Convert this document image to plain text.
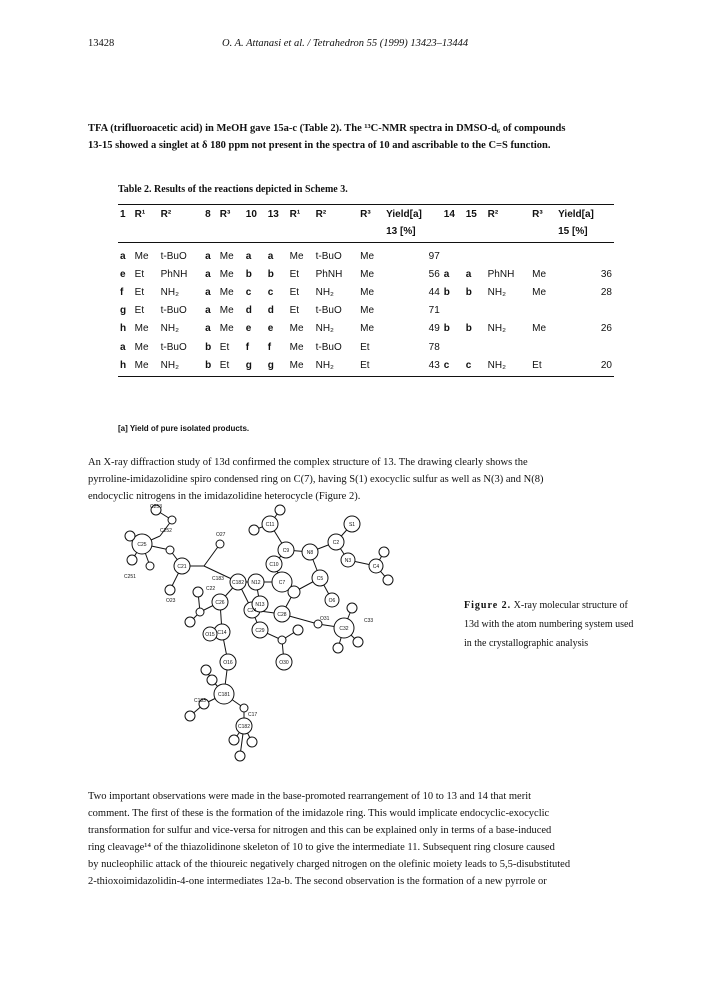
13428	O. A. Attanasi et al. / Tetrahedron 55 (1999) 13423–13444
TFA (trifluoroacetic acid) in MeOH gave 15a-c (Table 2). The ¹³C-NMR spectra in DMSO-d₆ of compounds
13-15 showed a singlet at δ 180 ppm not present in the spectra of 10 and ascribable to the C=S function.
Table 2. Results of the reactions depicted in Scheme 3.
1	R¹	R²	8	R³	10	13	R¹	R²	R³	Yield[a]	14	15	R²	R³	Yield[a]
										13 [%]					15 [%]
a	Me	t-BuO	a	Me	a	a	Me	t-BuO	Me	97					
e	Et	PhNH	a	Me	b	b	Et	PhNH	Me	56	a	a	PhNH	Me	36
f	Et	NH₂	a	Me	c	c	Et	NH₂	Me	44	b	b	NH₂	Me	28
g	Et	t-BuO	a	Me	d	d	Et	t-BuO	Me	71					
h	Me	NH₂	a	Me	e	e	Me	NH₂	Me	49	b	b	NH₂	Me	26
a	Me	t-BuO	b	Et	f	f	Me	t-BuO	Et	78					
h	Me	NH₂	b	Et	g	g	Me	NH₂	Et	43	c	c	NH₂	Et	20
[a] Yield of pure isolated products.
An X-ray diffraction study of 13d confirmed the complex structure of 13. The drawing clearly shows the
pyrroline-imidazolidine spiro condensed ring on C(7), having S(1) exocyclic sulfur as well as N(3) and N(8)
endocyclic nitrogens in the imidazolidine heterocycle (Figure 2).
C253
C25
C251
C252
C21
O23
O27
C182 N12	C7
C10
C9	N8
C5
C11
C2
S1
N3
C4
O6
C28
C24
N13
C26
O15 C14	C29
O30
O31
C32
C33
O16
C181
C183
C17
C182
C22
C183
Figure 2. X-ray molecular structure of 13d with the atom numbering system used in the crystallographic analysis
Two important observations were made in the base-promoted rearrangement of 10 to 13 and 14 that merit
comment. The first of these is the formation of the imidazole ring. This would implicate endocyclic-exocyclic
transformation for sulfur and vice-versa for nitrogen and this can be explained only in terms of a base-induced
ring cleavage¹⁴ of the thiazolidinone skeleton of 10 to give the intermediate 11. Subsequent ring closure caused
by nucleophilic attack of the thioureic negatively charged nitrogen on the olefinic moiety leads to 5,5-disubstituted
2-thioxoimidazolidin-4-one intermediates 12a-b. The second observation is the formation of a new pyrrole or
